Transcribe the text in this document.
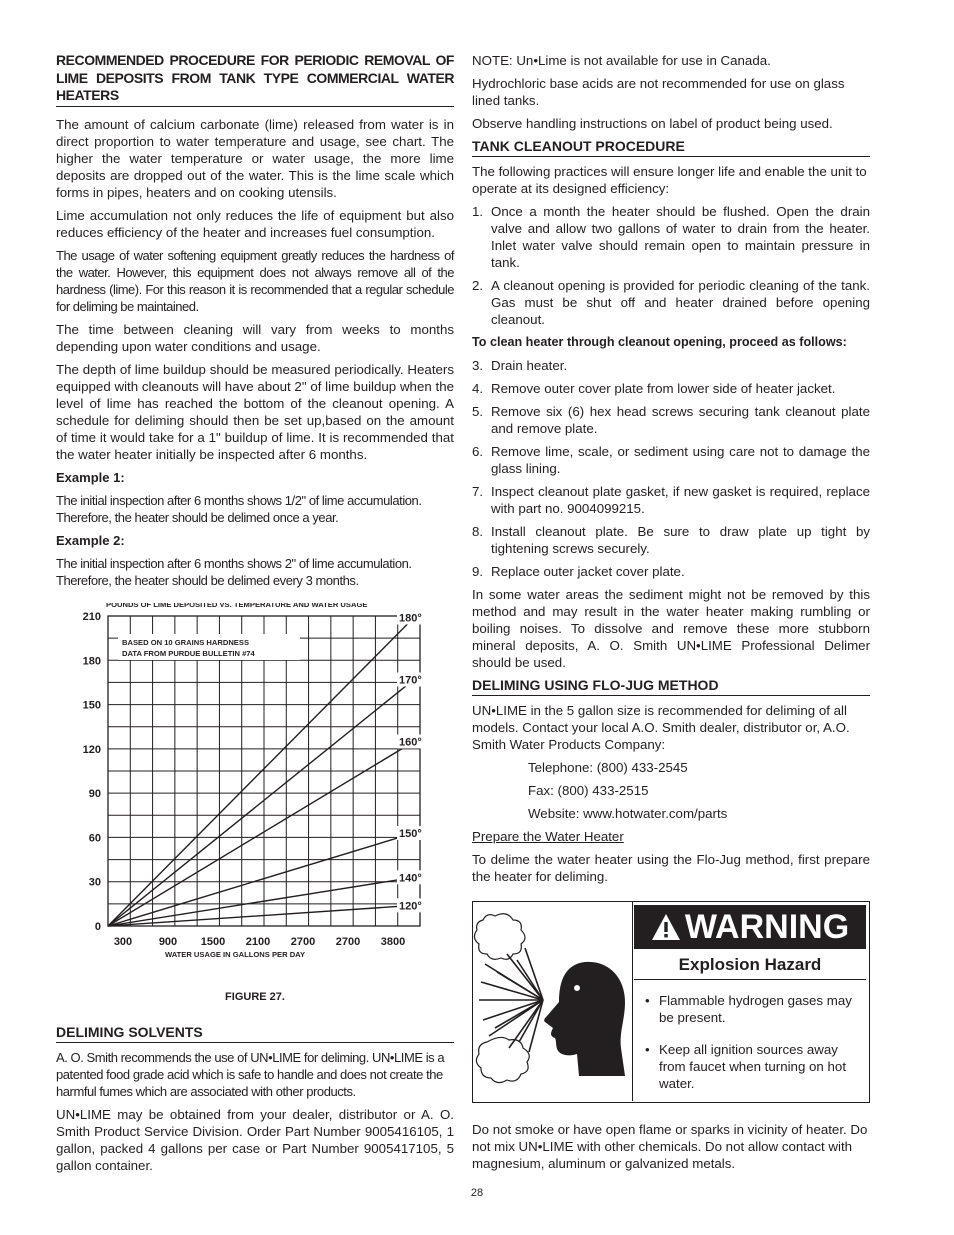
RECOMMENDED PROCEDURE FOR PERIODIC REMOVAL OF LIME DEPOSITS FROM TANK TYPE COMMERCIAL WATER HEATERS

The amount of calcium carbonate (lime) released from water is in direct proportion to water temperature and usage, see chart. The higher the water temperature or water usage, the more lime deposits are dropped out of the water. This is the lime scale which forms in pipes, heaters and on cooking utensils.

Lime accumulation not only reduces the life of equipment but also reduces efficiency of the heater and increases fuel consumption.

The usage of water softening equipment greatly reduces the hardness of the water. However, this equipment does not always remove all of the hardness (lime). For this reason it is recommended that a regular schedule for deliming be maintained.

The time between cleaning will vary from weeks to months depending upon water conditions and usage.

The depth of lime buildup should be measured periodically. Heaters equipped with cleanouts will have about 2" of lime buildup when the level of lime has reached the bottom of the cleanout opening. A schedule for deliming should then be set up,based on the amount of time it would take for a 1" buildup of lime. It is recommended that the water heater initially be inspected after 6 months.

Example 1:

The initial inspection after 6 months shows 1/2" of lime accumulation. Therefore, the heater should be delimed once a year.

Example 2:

The initial inspection after 6 months shows 2" of lime accumulation. Therefore, the heater should be delimed every 3 months.

0
30
60
90
120
150
180
210
300 900 1500 2100 2700 2700 3800
POUNDS OF LIME DEPOSITED VS. TEMPERATURE AND WATER USAGE
BASED ON 10 GRAINS HARDNESS
DATA FROM PURDUE BULLETIN #74
WATER USAGE IN GALLONS PER DAY
180°
170°
160°
150°
140°
120°

FIGURE 27.

DELIMING SOLVENTS

A. O. Smith recommends the use of UN•LIME for deliming. UN•LIME is a patented food grade acid which is safe to handle and does not create the harmful fumes which are associated with other products.

UN•LIME may be obtained from your dealer, distributor or A. O. Smith Product Service Division. Order Part Number 9005416105, 1 gallon, packed 4 gallons per case or Part Number 9005417105, 5 gallon container.

NOTE: Un•Lime is not available for use in Canada.

Hydrochloric base acids are not recommended for use on glass lined tanks.

Observe handling instructions on label of product being used.

TANK CLEANOUT PROCEDURE

The following practices will ensure longer life and enable the unit to operate at its designed efficiency:

1. Once a month the heater should be flushed. Open the drain valve and allow two gallons of water to drain from the heater. Inlet water valve should remain open to maintain pressure in tank.
2. A cleanout opening is provided for periodic cleaning of the tank. Gas must be shut off and heater drained before opening cleanout.

To clean heater through cleanout opening, proceed as follows:

3. Drain heater.
4. Remove outer cover plate from lower side of heater jacket.
5. Remove six (6) hex head screws securing tank cleanout plate and remove plate.
6. Remove lime, scale, or sediment using care not to damage the glass lining.
7. Inspect cleanout plate gasket, if new gasket is required, replace with part no. 9004099215.
8. Install cleanout plate. Be sure to draw plate up tight by tightening screws securely.
9. Replace outer jacket cover plate.

In some water areas the sediment might not be removed by this method and may result in the water heater making rumbling or boiling noises. To dissolve and remove these more stubborn mineral deposits, A. O. Smith UN•LIME Professional Delimer should be used.

DELIMING USING FLO-JUG METHOD

UN•LIME in the 5 gallon size is recommended for deliming of all models. Contact your local A.O. Smith dealer, distributor or, A.O. Smith Water Products Company:

Telephone: (800) 433-2545

Fax: (800) 433-2515

Website: www.hotwater.com/parts

Prepare the Water Heater

To delime the water heater using the Flo-Jug method, first prepare the heater for deliming.

WARNING
Explosion Hazard
• Flammable hydrogen gases may be present.
• Keep all ignition sources away from faucet when turning on hot water.

Do not smoke or have open flame or sparks in vicinity of heater. Do not mix UN•LIME with other chemicals. Do not allow contact with magnesium, aluminum or galvanized metals.

28
